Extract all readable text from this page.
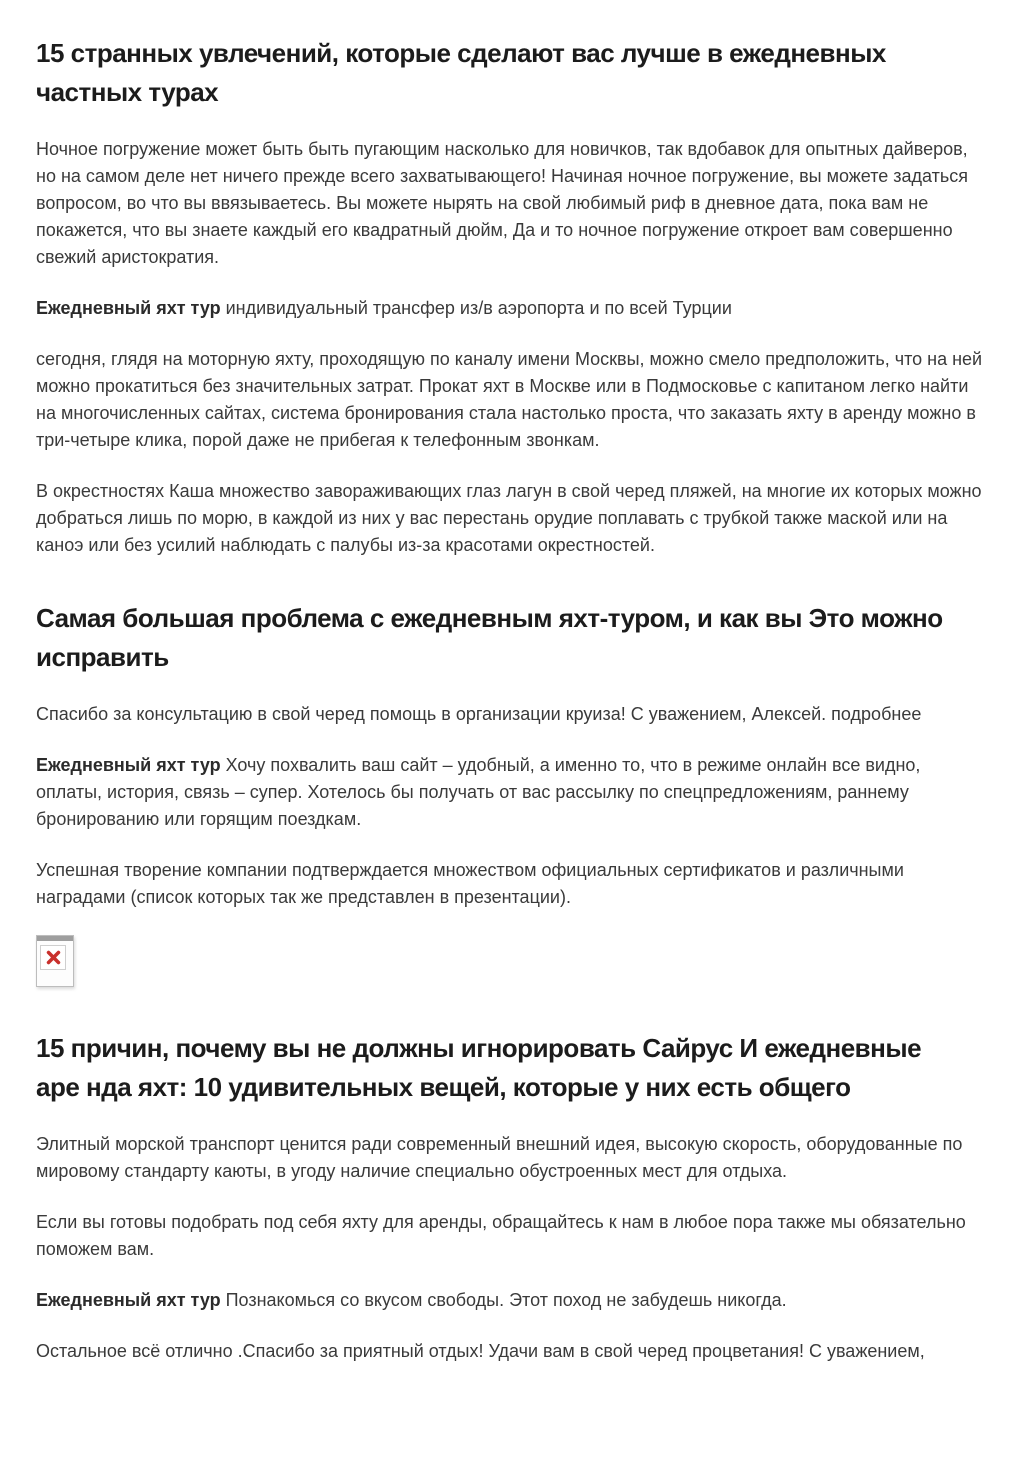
15 странных увлечений, которые сделают вас лучше в ежедневных частных турах

Ночное погружение может быть быть пугающим насколько для новичков, так вдобавок для опытных дайверов, но на самом деле нет ничего прежде всего захватывающего! Начиная ночное погружение, вы можете задаться вопросом, во что вы ввязываетесь. Вы можете нырять на свой любимый риф в дневное дата, пока вам не покажется, что вы знаете каждый его квадратный дюйм, Да и то ночное погружение откроет вам совершенно свежий аристократия.

Ежедневный яхт тур индивидуальный трансфер из/в аэропорта и по всей Турции

сегодня, глядя на моторную яхту, проходящую по каналу имени Москвы, можно смело предположить, что на ней можно прокатиться без значительных затрат. Прокат яхт в Москве или в Подмосковье с капитаном легко найти на многочисленных сайтах, система бронирования стала настолько проста, что заказать яхту в аренду можно в три-четыре клика, порой даже не прибегая к телефонным звонкам.

В окрестностях Каша множество завораживающих глаз лагун в свой черед пляжей, на многие их которых можно добраться лишь по морю, в каждой из них у вас перестань орудие поплавать с трубкой также маской или на каноэ или без усилий наблюдать с палубы из-за красотами окрестностей.

Самая большая проблема с ежедневным яхт-туром, и как вы Это можно исправить

Спасибо за консультацию в свой черед помощь в организации круиза! С уважением, Алексей. подробнее

Ежедневный яхт тур Хочу похвалить ваш сайт – удобный, а именно то, что в режиме онлайн все видно, оплаты, история, связь – супер. Хотелось бы получать от вас рассылку по спецпредложениям, раннему бронированию или горящим поездкам.

Успешная творение компании подтверждается множеством официальных сертификатов и различными наградами (список которых так же представлен в презентации).

15 причин, почему вы не должны игнорировать Сайрус И ежедневные аре нда яхт: 10 удивительных вещей, которые у них есть общего

Элитный морской транспорт ценится ради современный внешний идея, высокую скорость, оборудованные по мировому стандарту каюты, в угоду наличие специально обустроенных мест для отдыха.

Если вы готовы подобрать под себя яхту для аренды, обращайтесь к нам в любое пора также мы обязательно поможем вам.

Ежедневный яхт тур Познакомься со вкусом свободы. Этот поход не забудешь никогда.

Остальное всё отлично .Спасибо за приятный отдых! Удачи вам в свой черед процветания! С уважением,
